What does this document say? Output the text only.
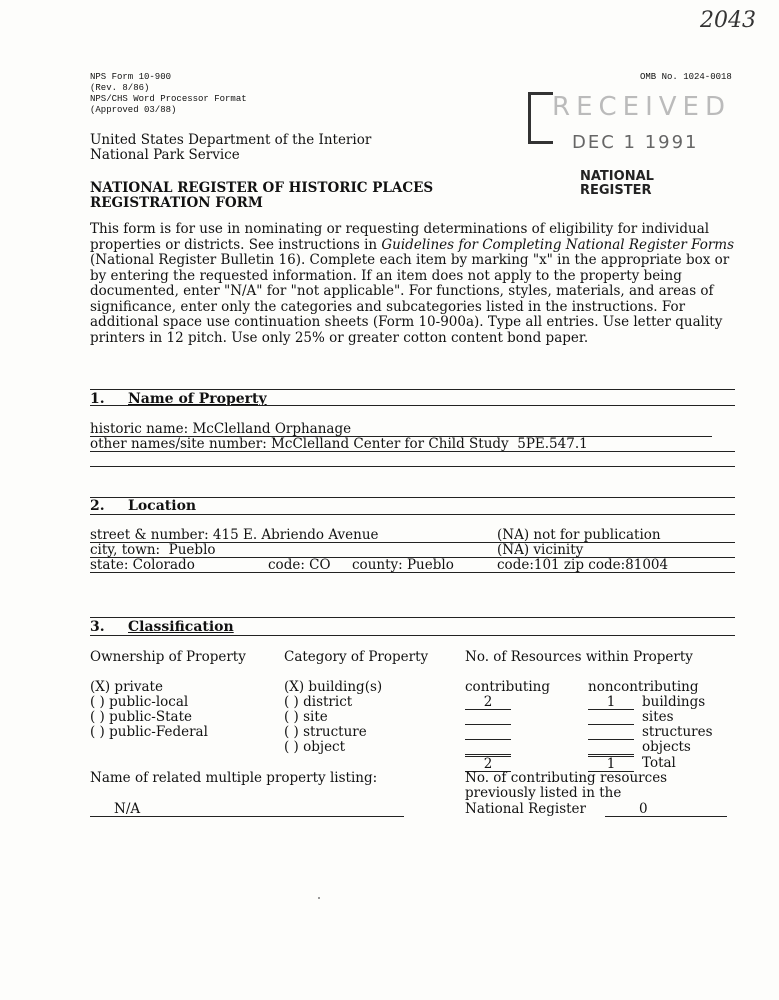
2043
NPS Form 10-900
(Rev. 8/86)
NPS/CHS Word Processor Format
(Approved 03/88)
OMB No. 1024-0018
RECEIVED
DEC 1 1991
NATIONAL
REGISTER
United States Department of the Interior
National Park Service
NATIONAL REGISTER OF HISTORIC PLACES
REGISTRATION FORM
This form is for use in nominating or requesting determinations of eligibility for individual properties or districts. See instructions in Guidelines for Completing National Register Forms (National Register Bulletin 16). Complete each item by marking "x" in the appropriate box or by entering the requested information. If an item does not apply to the property being documented, enter "N/A" for "not applicable". For functions, styles, materials, and areas of significance, enter only the categories and subcategories listed in the instructions. For additional space use continuation sheets (Form 10-900a). Type all entries. Use letter quality printers in 12 pitch. Use only 25% or greater cotton content bond paper.
1. Name of Property
historic name: McClelland Orphanage
other names/site number: McClelland Center for Child Study  5PE.547.1
2. Location
street & number: 415 E. Abriendo Avenue	(NA) not for publication
city, town:  Pueblo	(NA) vicinity
state: Colorado	code: CO county: Pueblo	code:101 zip code:81004
3. Classification
Ownership of Property	Category of Property	No. of Resources within Property
(X) private
( ) public-local
( ) public-State
( ) public-Federal
(X) building(s)
( ) district
( ) site
( ) structure
( ) object
contributing	noncontributing
2	1	buildings
sites
structures
objects
2	1	Total
Name of related multiple property listing:
N/A
No. of contributing resources
previously listed in the
National Register	0
